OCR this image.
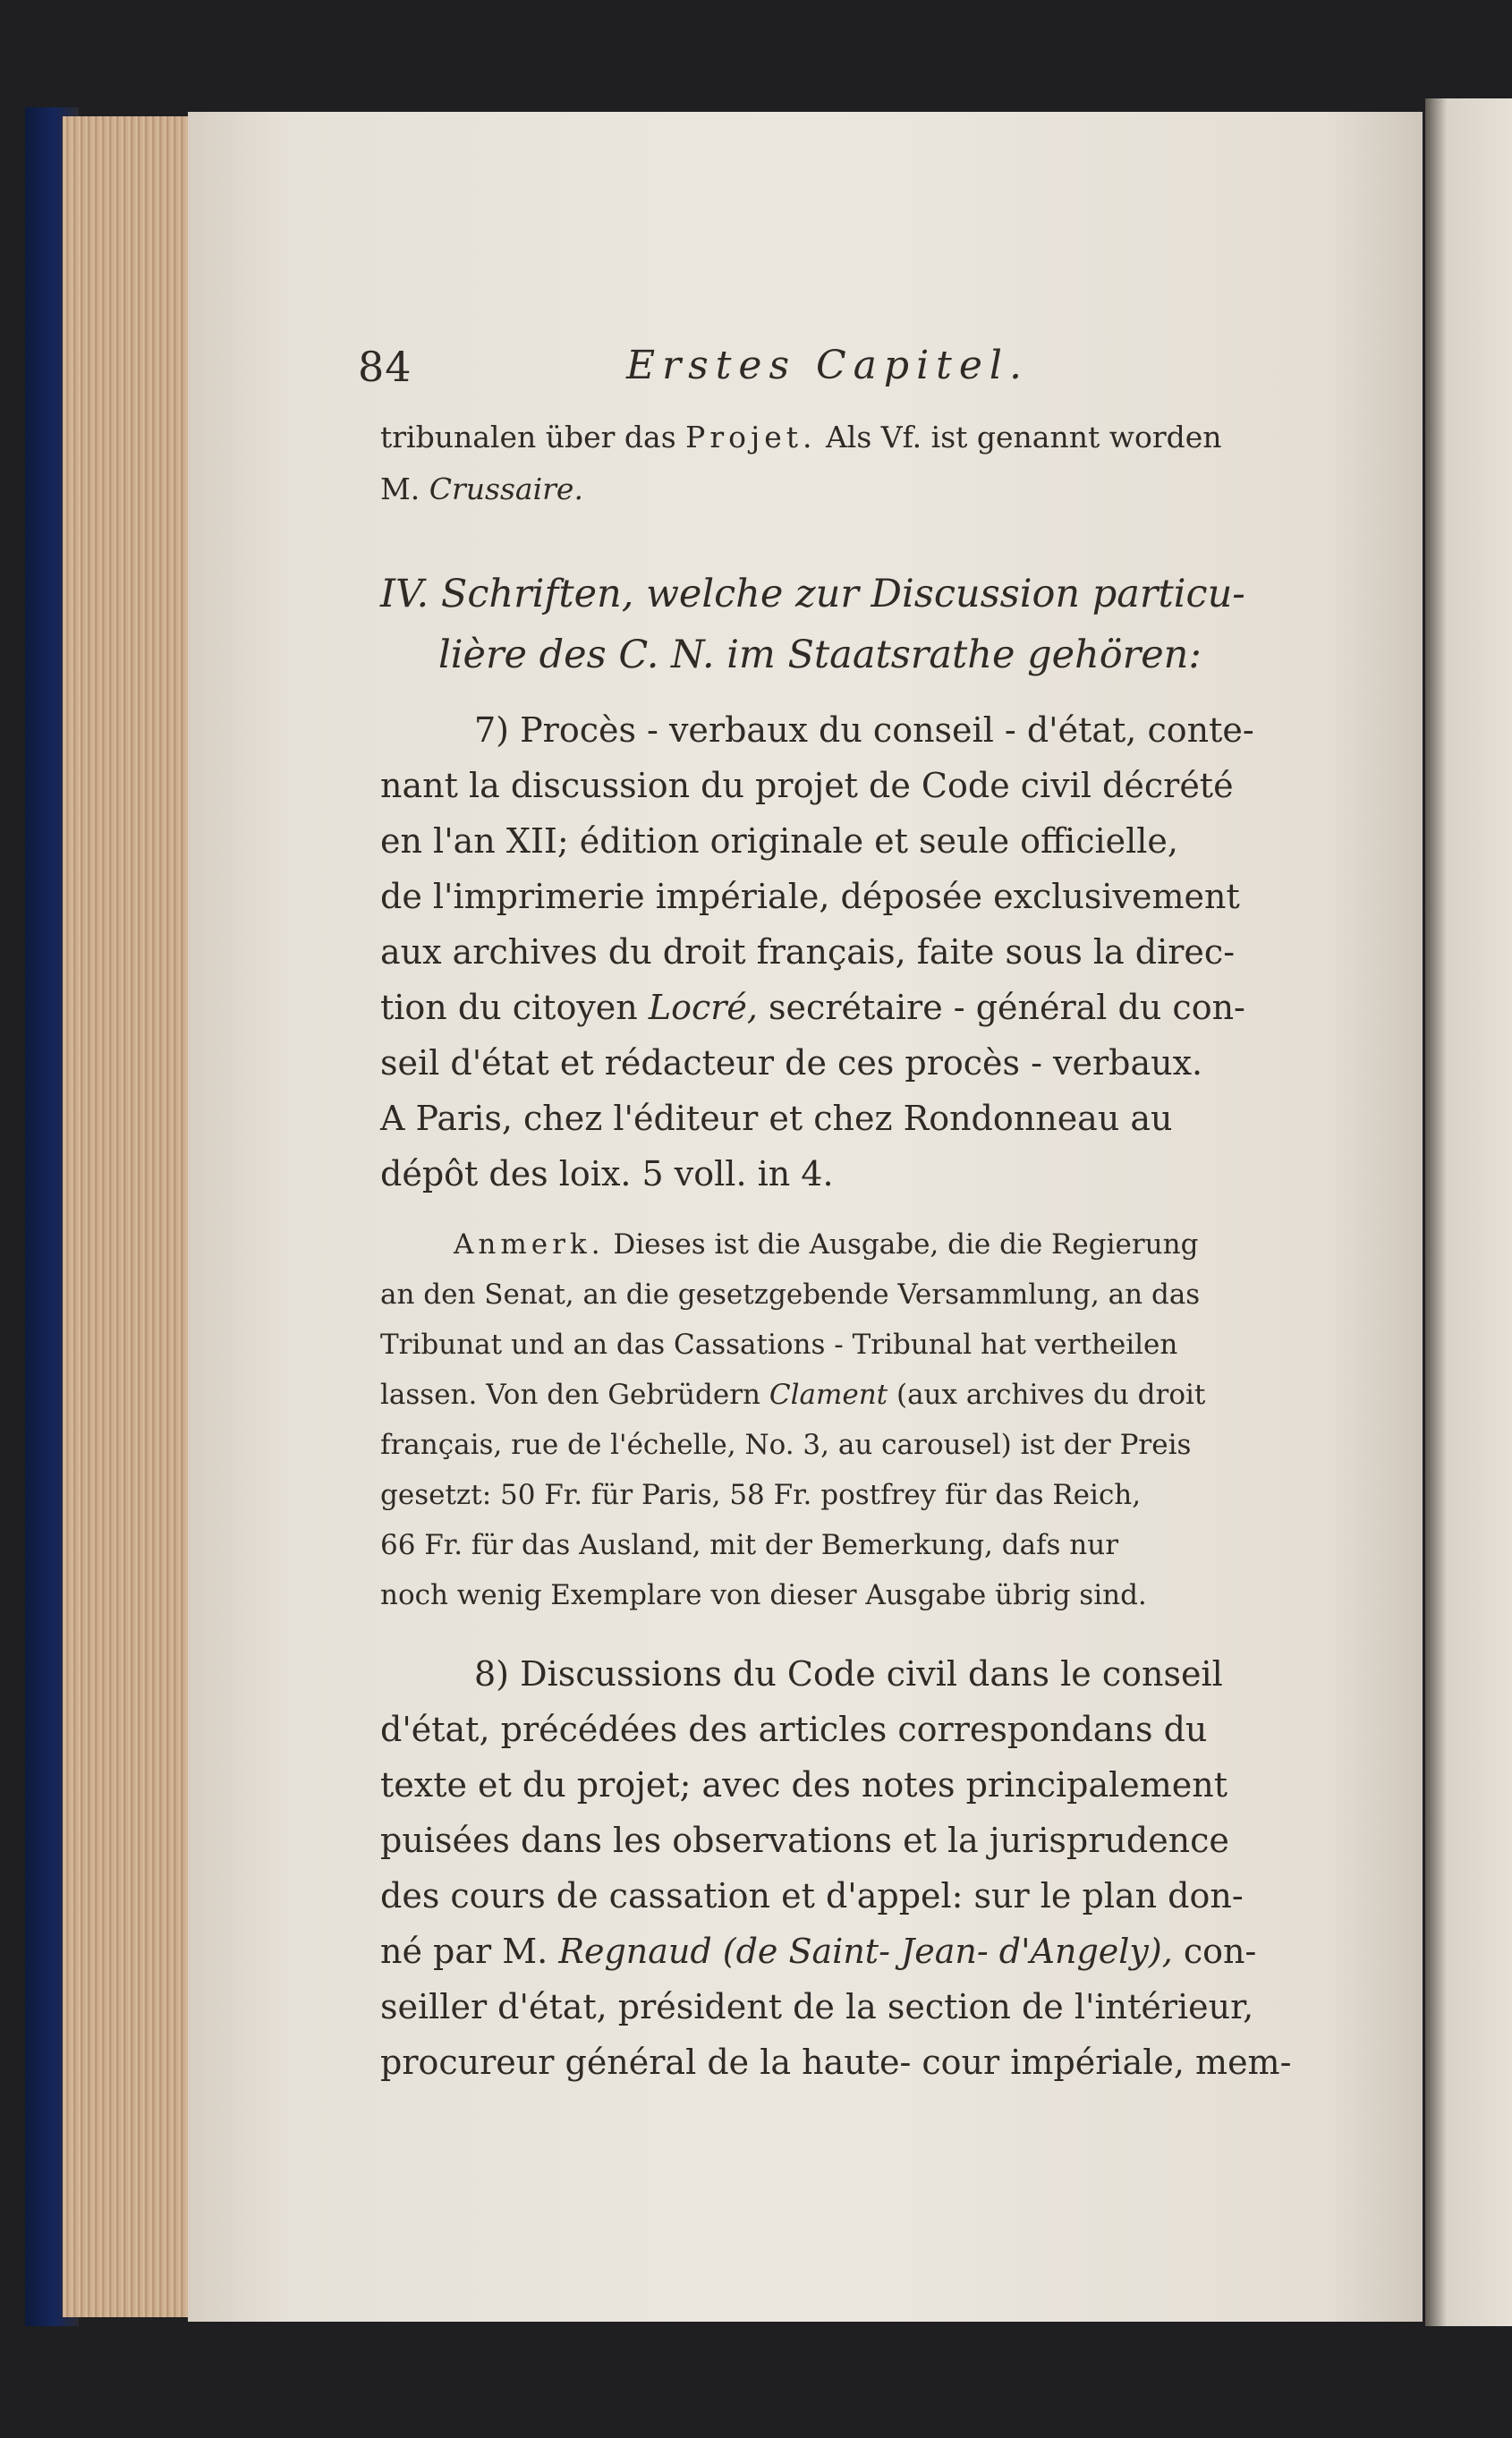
84	Erstes Capitel.
tribunalen über das Projet. Als Vf. ist genannt worden
M. Crussaire.
IV. Schriften, welche zur Discussion particu-
lière des C. N. im Staatsrathe gehören:
7) Procès - verbaux du conseil - d'état, conte-
nant la discussion du projet de Code civil décrété
en l'an XII; édition originale et seule officielle,
de l'imprimerie impériale, déposée exclusivement
aux archives du droit français, faite sous la direc-
tion du citoyen Locré, secrétaire - général du con-
seil d'état et rédacteur de ces procès - verbaux.
A Paris, chez l'éditeur et chez Rondonneau au
dépôt des loix. 5 voll. in 4.
Anmerk. Dieses ist die Ausgabe, die die Regierung
an den Senat, an die gesetzgebende Versammlung, an das
Tribunat und an das Cassations - Tribunal hat vertheilen
lassen. Von den Gebrüdern Clament (aux archives du droit
français, rue de l'échelle, No. 3, au carousel) ist der Preis
gesetzt: 50 Fr. für Paris, 58 Fr. postfrey für das Reich,
66 Fr. für das Ausland, mit der Bemerkung, dafs nur
noch wenig Exemplare von dieser Ausgabe übrig sind.
8) Discussions du Code civil dans le conseil
d'état, précédées des articles correspondans du
texte et du projet; avec des notes principalement
puisées dans les observations et la jurisprudence
des cours de cassation et d'appel: sur le plan don-
né par M. Regnaud (de Saint- Jean- d'Angely), con-
seiller d'état, président de la section de l'intérieur,
procureur général de la haute- cour impériale, mem-
